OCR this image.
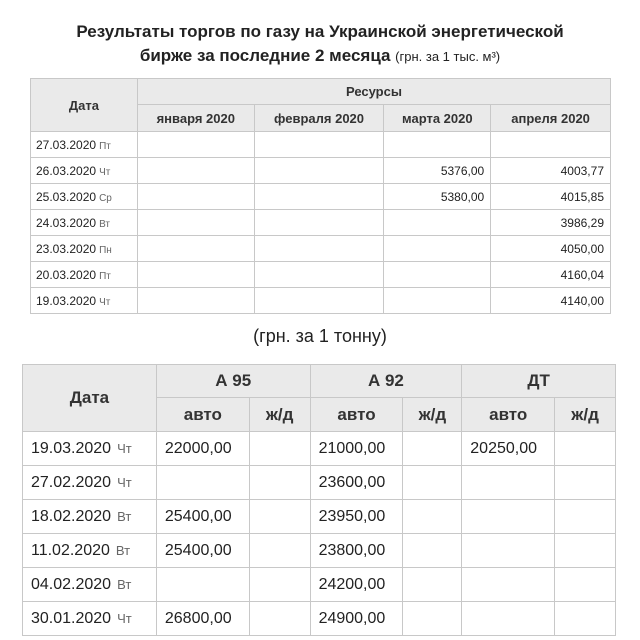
Результаты торгов по газу на Украинской энергетической
бирже за последние 2 месяца (грн. за 1 тыс. м³)
Дата	Ресурсы			
	января 2020	февраля 2020	марта 2020	апреля 2020
27.03.2020 Пт				
26.03.2020 Чт			5376,00	4003,77
25.03.2020 Ср			5380,00	4015,85
24.03.2020 Вт				3986,29
23.03.2020 Пн				4050,00
20.03.2020 Пт				4160,04
19.03.2020 Чт				4140,00
(грн. за 1 тонну)
Дата	А 95		А 92		ДТ	
	авто	ж/д	авто	ж/д	авто	ж/д
19.03.2020 Чт	22000,00		21000,00		20250,00	
27.02.2020 Чт			23600,00			
18.02.2020 Вт	25400,00		23950,00			
11.02.2020 Вт	25400,00		23800,00			
04.02.2020 Вт			24200,00			
30.01.2020 Чт	26800,00		24900,00			
